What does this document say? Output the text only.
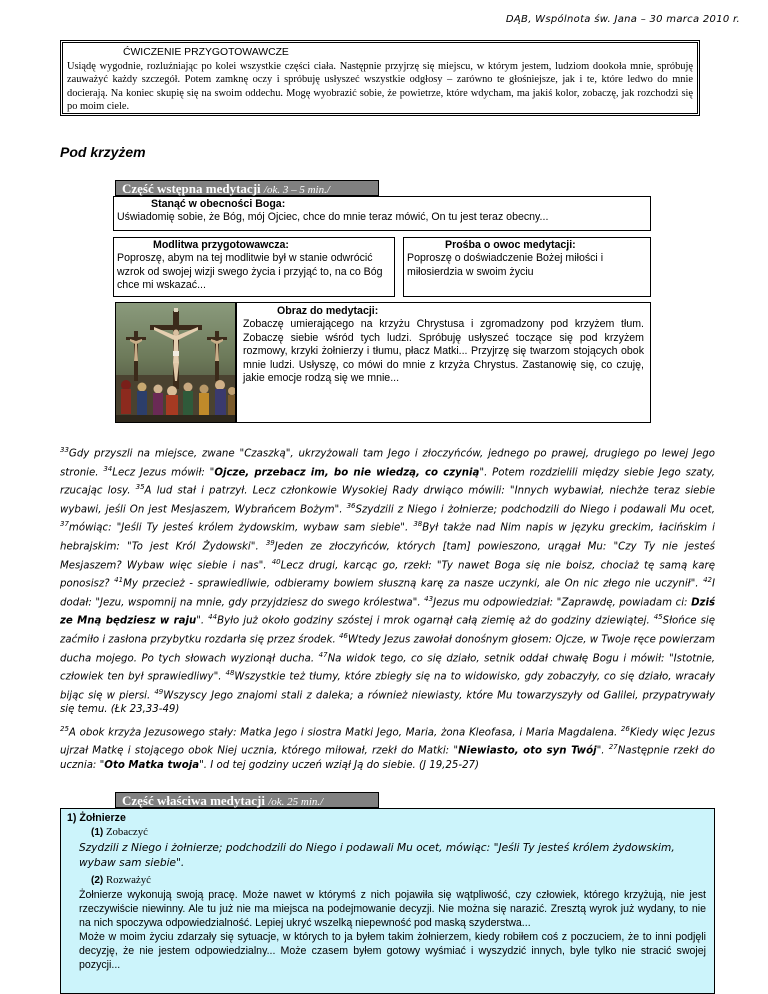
DĄB, Wspólnota św. Jana – 30 marca 2010 r.
ĆWICZENIE PRZYGOTOWAWCZE
Usiądę wygodnie, rozluźniając po kolei wszystkie części ciała. Następnie przyjrzę się miejscu, w którym jestem, ludziom dookoła mnie, spróbuję zauważyć każdy szczegół. Potem zamknę oczy i spróbuję usłyszeć wszystkie odgłosy – zarówno te głośniejsze, jak i te, które ledwo do mnie docierają. Na koniec skupię się na swoim oddechu. Mogę wyobrazić sobie, że powietrze, które wdycham, ma jakiś kolor, zobaczę, jak rozchodzi się po moim ciele.
Pod krzyżem
Część wstępna medytacji /ok. 3 – 5 min./
Stanąć w obecności Boga:
Uświadomię sobie, że Bóg, mój Ojciec, chce do mnie teraz mówić, On tu jest teraz obecny...
Modlitwa przygotowawcza:
Poproszę, abym na tej modlitwie był w stanie odwrócić wzrok od swojej wizji swego życia i przyjąć to, na co Bóg chce mi wskazać...
Prośba o owoc medytacji:
Poproszę o doświadczenie Bożej miłości i miłosierdzia w swoim życiu
Obraz do medytacji:
Zobaczę umierającego na krzyżu Chrystusa i zgromadzony pod krzyżem tłum. Zobaczę siebie wśród tych ludzi. Spróbuję usłyszeć toczące się pod krzyżem rozmowy, krzyki żołnierzy i tłumu, płacz Matki... Przyjrzę się twarzom stojących obok mnie ludzi. Usłyszę, co mówi do mnie z krzyża Chrystus. Zastanowię się, co czuję, jakie emocje rodzą się we mnie...

$^{33}$Gdy przyszli na miejsce, zwane "Czaszką", ukrzyżowali tam Jego i złoczyńców, jednego po prawej, drugiego po lewej Jego stronie. $^{34}$Lecz Jezus mówił: "Ojcze, przebacz im, bo nie wiedzą, co czynią". Potem rozdzielili między siebie Jego szaty, rzucając losy. $^{35}$A lud stał i patrzył. Lecz członkowie Wysokiej Rady drwiąco mówili: "Innych wybawiał, niechże teraz siebie wybawi, jeśli On jest Mesjaszem, Wybrańcem Bożym". $^{36}$Szydzili z Niego i żołnierze; podchodzili do Niego i podawali Mu ocet, $^{37}$mówiąc: "Jeśli Ty jesteś królem żydowskim, wybaw sam siebie". $^{38}$Był także nad Nim napis w języku greckim, łacińskim i hebrajskim: "To jest Król Żydowski". $^{39}$Jeden ze złoczyńców, których [tam] powieszono, urągał Mu: "Czy Ty nie jesteś Mesjaszem? Wybaw więc siebie i nas". $^{40}$Lecz drugi, karcąc go, rzekł: "Ty nawet Boga się nie boisz, chociaż tę samą karę ponosisz? $^{41}$My przecież - sprawiedliwie, odbieramy bowiem słuszną karę za nasze uczynki, ale On nic złego nie uczynił". $^{42}$I dodał: "Jezu, wspomnij na mnie, gdy przyjdziesz do swego królestwa". $^{43}$Jezus mu odpowiedział: "Zaprawdę, powiadam ci: Dziś ze Mną będziesz w raju". $^{44}$Było już około godziny szóstej i mrok ogarnął całą ziemię aż do godziny dziewiątej. $^{45}$Słońce się zaćmiło i zasłona przybytku rozdarła się przez środek. $^{46}$Wtedy Jezus zawołał donośnym głosem: Ojcze, w Twoje ręce powierzam ducha mojego. Po tych słowach wyzionął ducha. $^{47}$Na widok tego, co się działo, setnik oddał chwałę Bogu i mówił: "Istotnie, człowiek ten był sprawiedliwy". $^{48}$Wszystkie też tłumy, które zbiegły się na to widowisko, gdy zobaczyły, co się działo, wracały bijąc się w piersi. $^{49}$Wszyscy Jego znajomi stali z daleka; a również niewiasty, które Mu towarzyszyły od Galilei, przypatrywały się temu. (Łk 23,33-49)

$^{25}$A obok krzyża Jezusowego stały: Matka Jego i siostra Matki Jego, Maria, żona Kleofasa, i Maria Magdalena. $^{26}$Kiedy więc Jezus ujrzał Matkę i stojącego obok Niej ucznia, którego miłował, rzekł do Matki: "Niewiasto, oto syn Twój". $^{27}$Następnie rzekł do ucznia: "Oto Matka twoja". I od tej godziny uczeń wziął Ją do siebie. (J 19,25-27)

Część właściwa medytacji /ok. 25 min./
1) Żołnierze
(1) Zobaczyć
Szydzili z Niego i żołnierze; podchodzili do Niego i podawali Mu ocet, mówiąc: "Jeśli Ty jesteś królem żydowskim, wybaw sam siebie".
(2) Rozważyć

Żołnierze wykonują swoją pracę. Może nawet w którymś z nich pojawiła się wątpliwość, czy człowiek, którego krzyżują, nie jest rzeczywiście niewinny. Ale tu już nie ma miejsca na podejmowanie decyzji. Nie można się narazić. Zresztą wyrok już wydany, to nie na nich spoczywa odpowiedzialność. Lepiej ukryć wszelką niepewność pod maską szyderstwa...

Może w moim życiu zdarzały się sytuacje, w których to ja byłem takim żołnierzem, kiedy robiłem coś z poczuciem, że to inni podjęli decyzję, że nie jestem odpowiedzialny... Może czasem byłem gotowy wyśmiać i wyszydzić innych, byle tylko nie stracić swojej pozycji...
